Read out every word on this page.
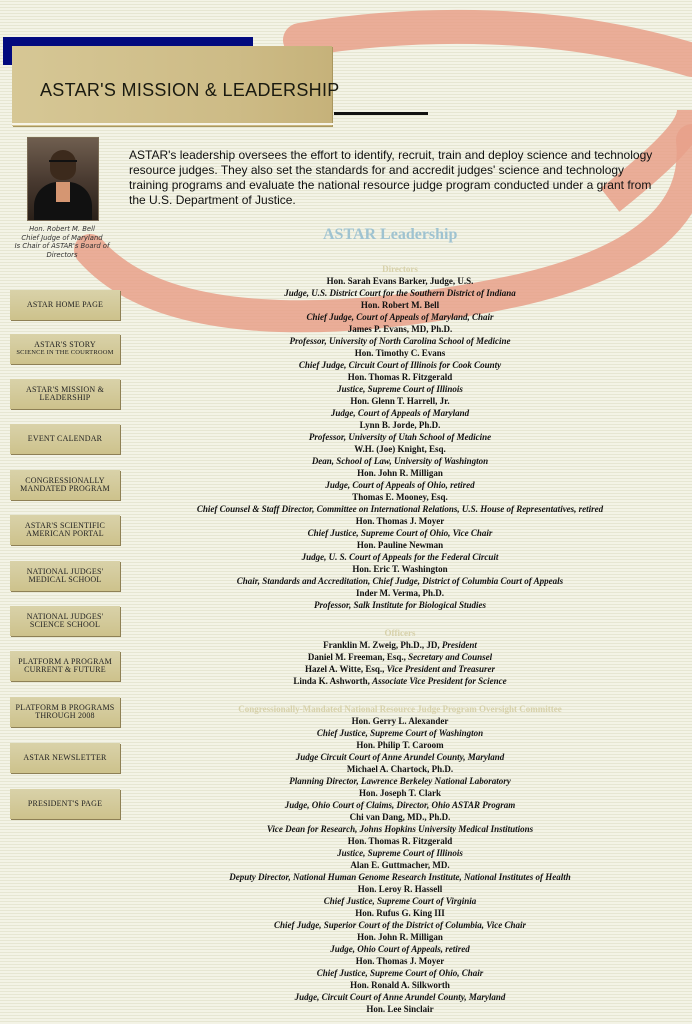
ASTAR'S MISSION & LEADERSHIP
Hon. Robert M. Bell
Chief Judge of Maryland
Is Chair of ASTAR's Board of
Directors
ASTAR's leadership oversees the effort to identify, recruit, train and deploy science and technology resource judges. They also set the standards for and accredit judges' science and technology training programs and evaluate the national resource judge program conducted under a grant from the U.S. Department of Justice.
ASTAR Leadership
ASTAR HOME PAGE
ASTAR'S STORY
SCIENCE IN THE COURTROOM
ASTAR'S MISSION &
LEADERSHIP
EVENT CALENDAR
CONGRESSIONALLY
MANDATED PROGRAM
ASTAR'S SCIENTIFIC
AMERICAN PORTAL
NATIONAL JUDGES'
MEDICAL SCHOOL
NATIONAL JUDGES'
SCIENCE SCHOOL
PLATFORM A PROGRAM
CURRENT & FUTURE
PLATFORM B PROGRAMS
THROUGH 2008
ASTAR NEWSLETTER
PRESIDENT'S PAGE
Directors
Hon. Sarah Evans Barker, Judge, U.S.
Judge, U.S. District Court for the Southern District of Indiana
Hon. Robert M. Bell
Chief Judge, Court of Appeals of Maryland, Chair
James P. Evans, MD, Ph.D.
Professor, University of North Carolina School of Medicine
Hon. Timothy C. Evans
Chief Judge, Circuit Court of Illinois for Cook County
Hon. Thomas R. Fitzgerald
Justice, Supreme Court of Illinois
Hon. Glenn T. Harrell, Jr.
Judge, Court of Appeals of Maryland
Lynn B. Jorde, Ph.D.
Professor, University of Utah School of Medicine
W.H. (Joe) Knight, Esq.
Dean, School of Law, University of Washington
Hon. John R. Milligan
Judge, Court of Appeals of Ohio, retired
Thomas E. Mooney, Esq.
Chief Counsel & Staff Director, Committee on International Relations, U.S. House of Representatives, retired
Hon. Thomas J. Moyer
Chief Justice, Supreme Court of Ohio, Vice Chair
Hon. Pauline Newman
Judge, U. S. Court of Appeals for the Federal Circuit
Hon. Eric T. Washington
Chair, Standards and Accreditation, Chief Judge, District of Columbia Court of Appeals
Inder M. Verma, Ph.D.
Professor, Salk Institute for Biological Studies
Officers
Franklin M. Zweig, Ph.D., JD, President
Daniel M. Freeman, Esq., Secretary and Counsel
Hazel A. Witte, Esq., Vice President and Treasurer
Linda K. Ashworth, Associate Vice President for Science
Congressionally-Mandated National Resource Judge Program Oversight Committee
Hon. Gerry L. Alexander
Chief Justice, Supreme Court of Washington
Hon. Philip T. Caroom
Judge Circuit Court of Anne Arundel County, Maryland
Michael A. Chartock, Ph.D.
Planning Director, Lawrence Berkeley National Laboratory
Hon. Joseph T. Clark
Judge, Ohio Court of Claims, Director, Ohio ASTAR Program
Chi van Dang, MD., Ph.D.
Vice Dean for Research, Johns Hopkins University Medical Institutions
Hon. Thomas R. Fitzgerald
Justice, Supreme Court of Illinois
Alan E. Guttmacher, MD.
Deputy Director, National Human Genome Research Institute, National Institutes of Health
Hon. Leroy R. Hassell
Chief Justice, Supreme Court of Virginia
Hon. Rufus G. King III
Chief Judge, Superior Court of the District of Columbia, Vice Chair
Hon. John R. Milligan
Judge, Ohio Court of Appeals, retired
Hon. Thomas J. Moyer
Chief Justice, Supreme Court of Ohio, Chair
Hon. Ronald A. Silkworth
Judge, Circuit Court of Anne Arundel County, Maryland
Hon. Lee Sinclair
